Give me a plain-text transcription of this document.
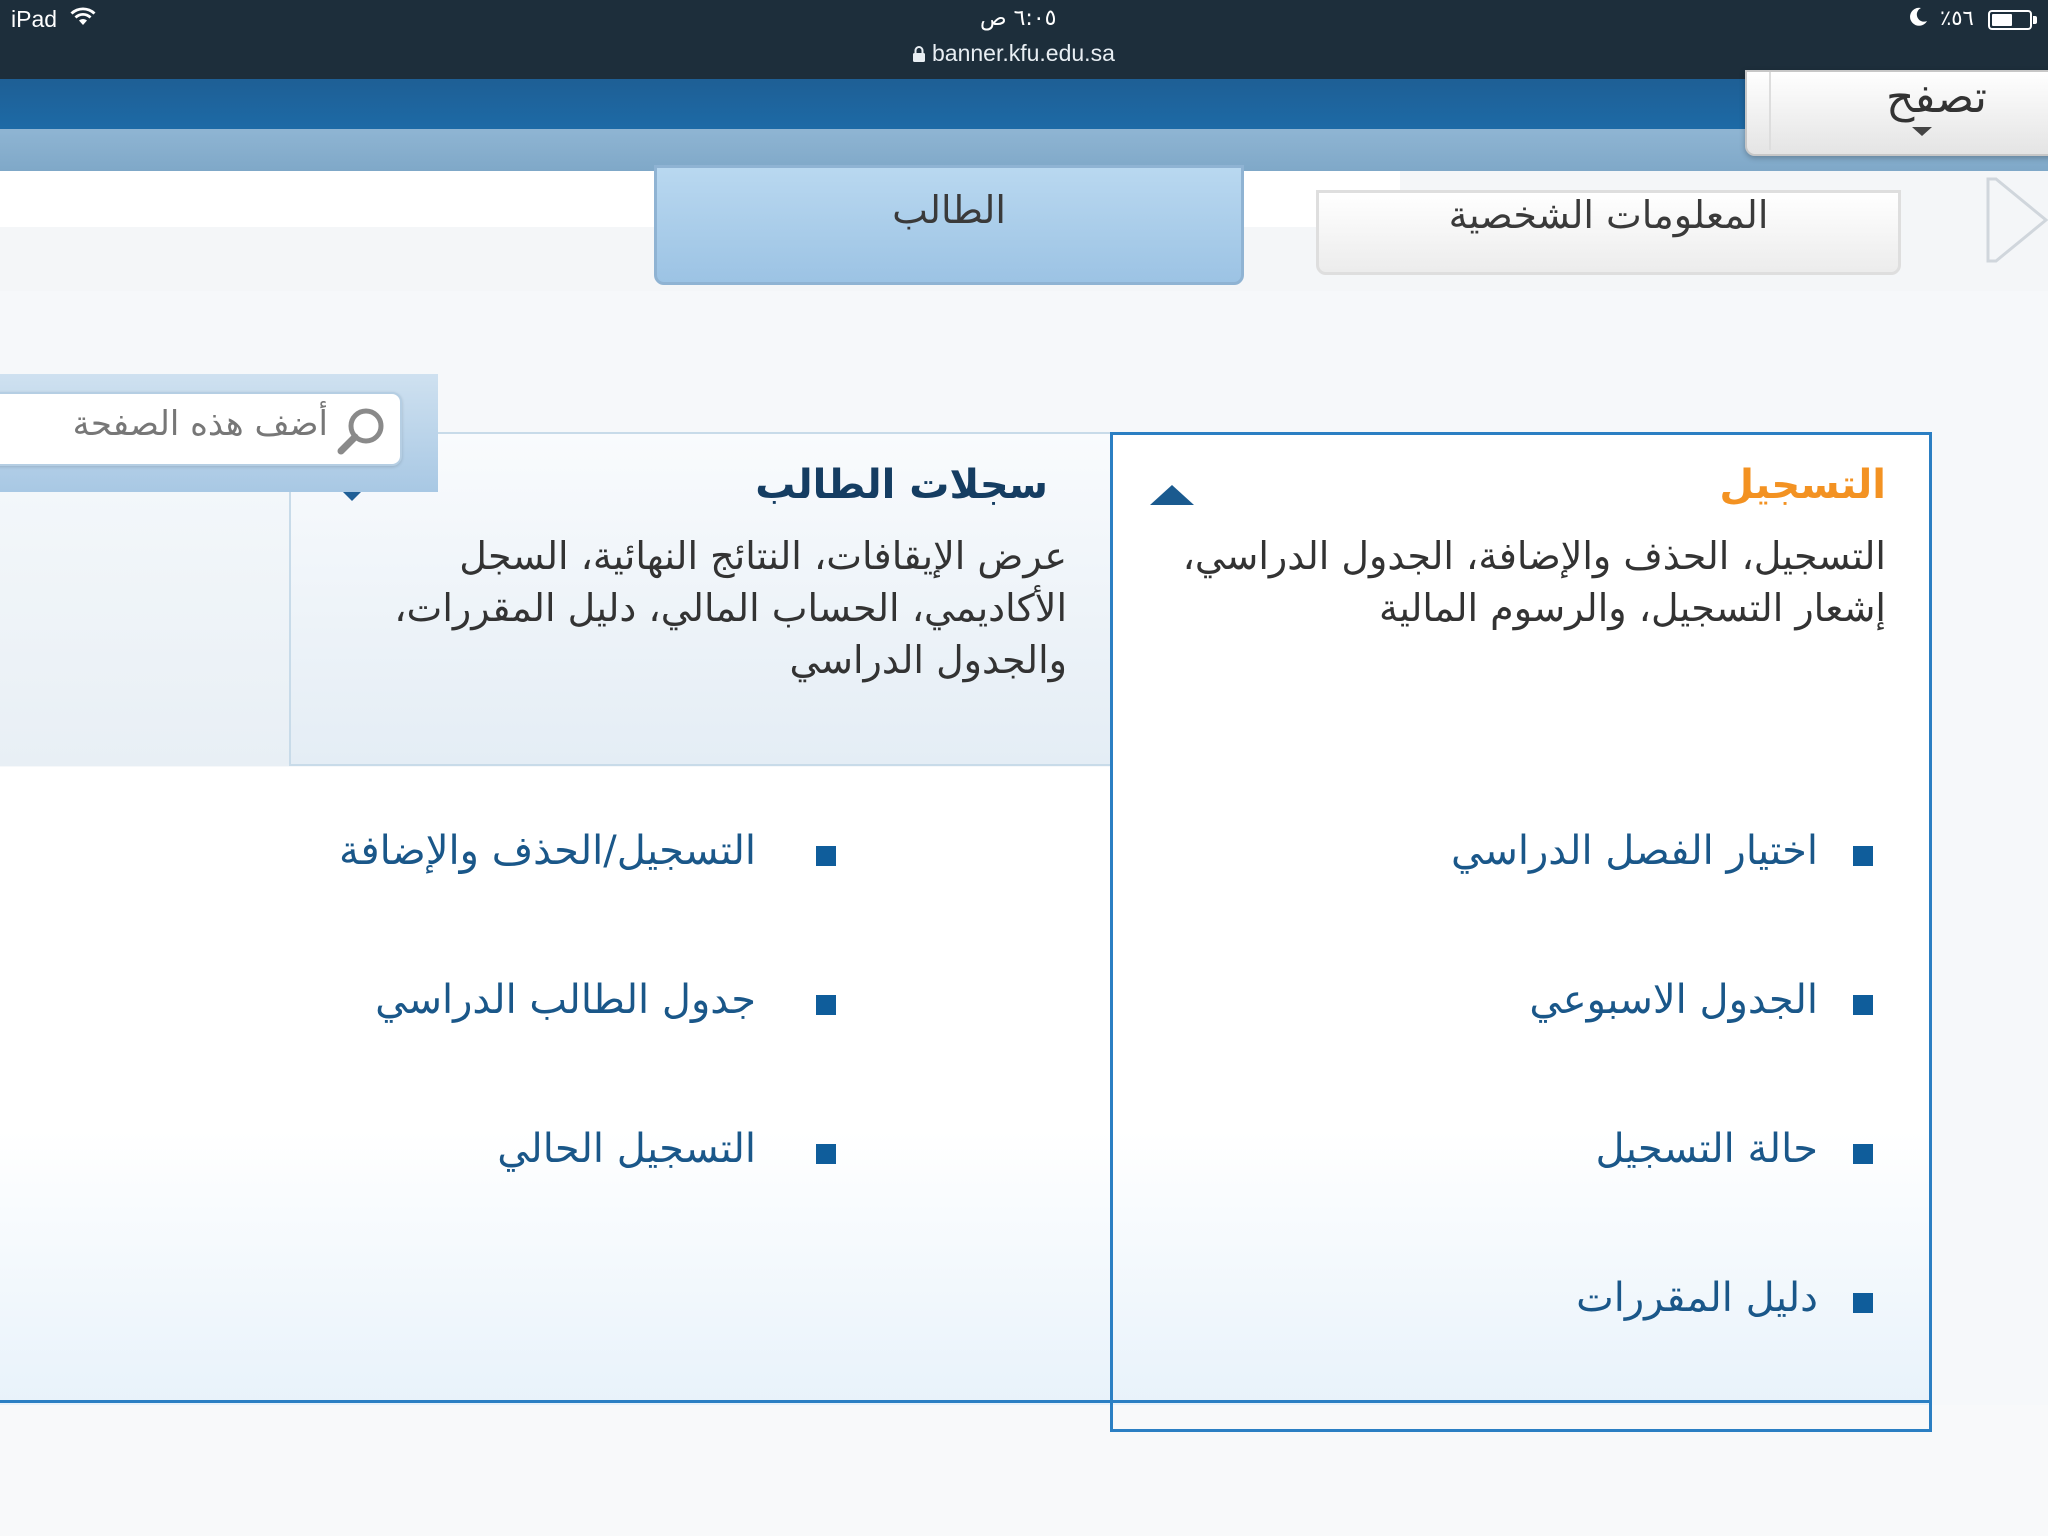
iPad	٦:٠٥ ص
banner.kfu.edu.sa
٥٦٪
تصفح
الطالب	المعلومات الشخصية
سجلات الطالب
عرض الإيقافات، النتائج النهائية، السجل الأكاديمي، الحساب المالي، دليل المقررات، والجدول الدراسي
أضف هذه الصفحة
التسجيل
التسجيل، الحذف والإضافة، الجدول الدراسي، إشعار التسجيل، والرسوم المالية
اختيار الفصل الدراسي
الجدول الاسبوعي
حالة التسجيل
دليل المقررات
التسجيل/الحذف والإضافة
جدول الطالب الدراسي
التسجيل الحالي
